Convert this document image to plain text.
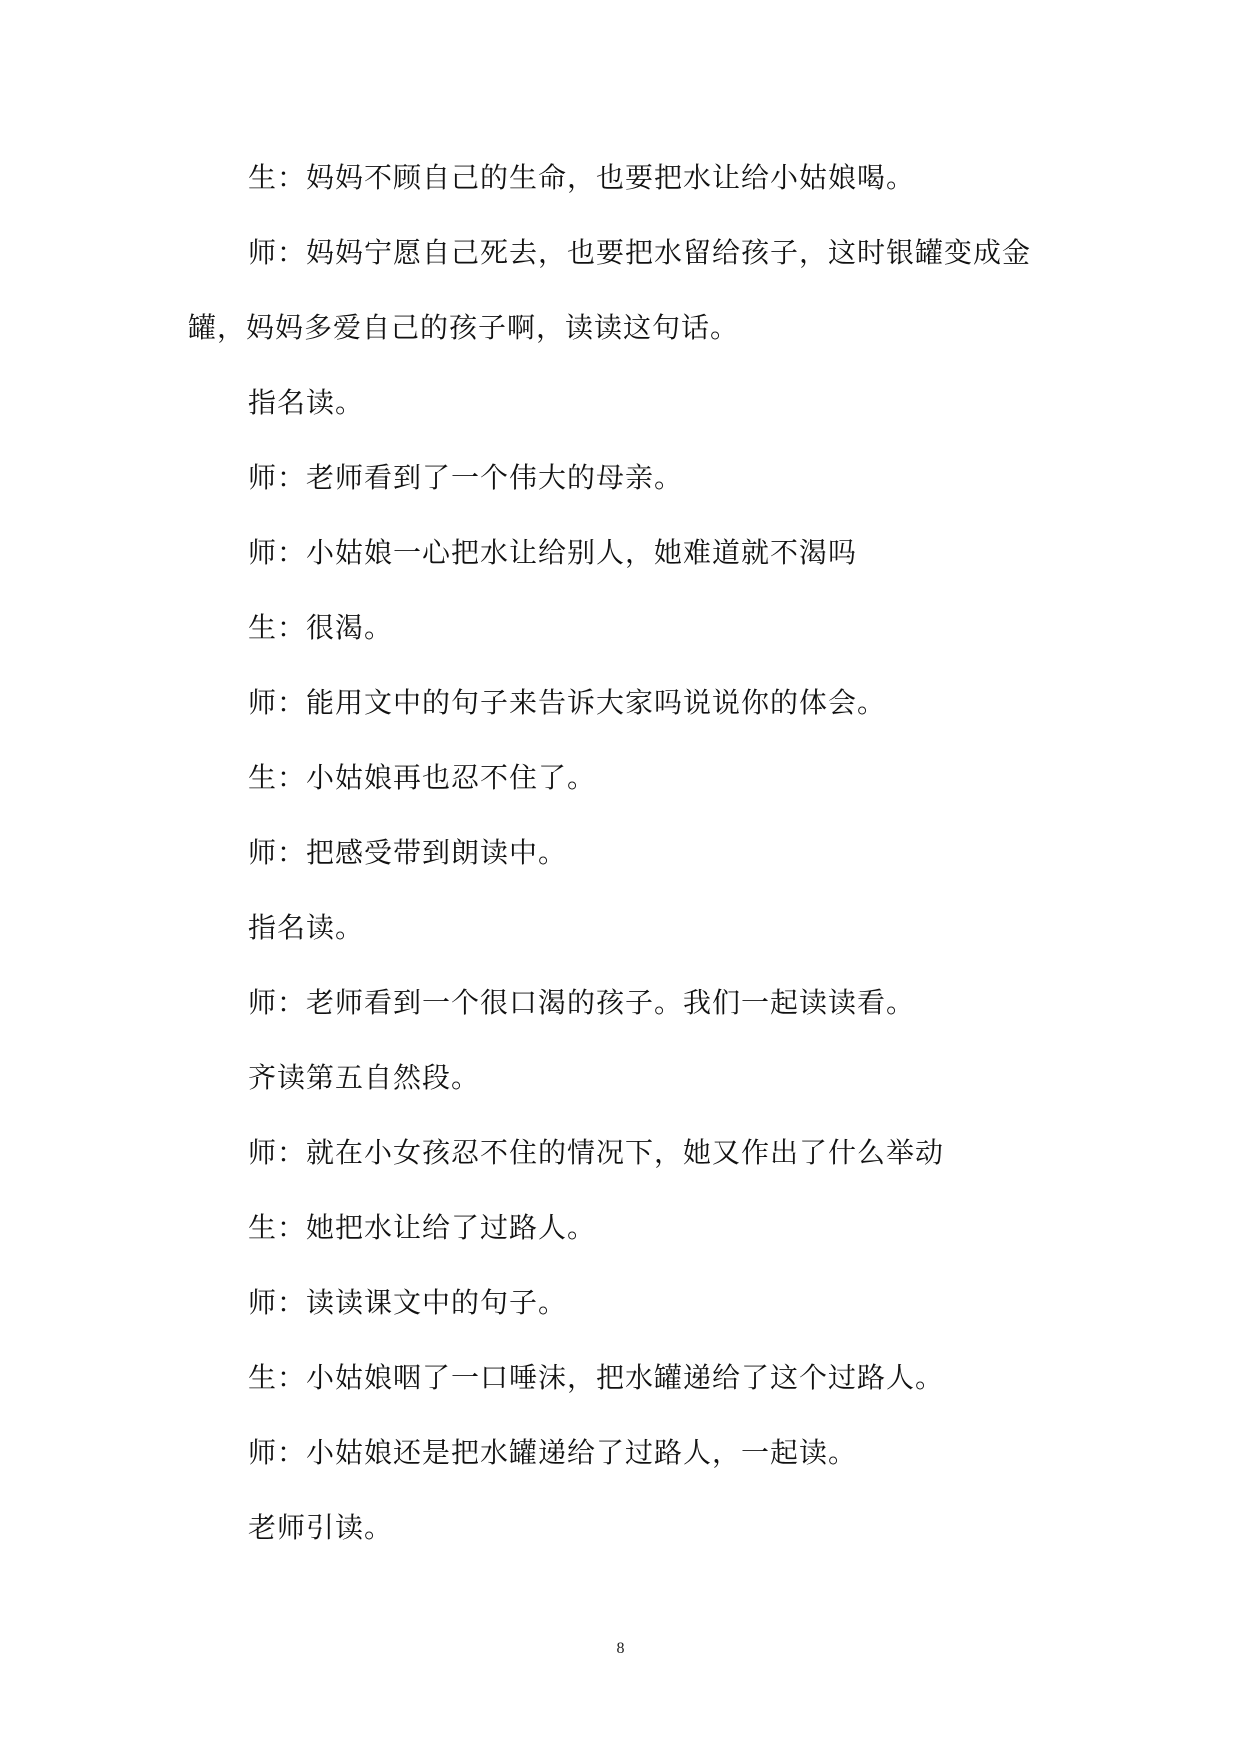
生：妈妈不顾自己的生命，也要把水让给小姑娘喝。

师：妈妈宁愿自己死去，也要把水留给孩子，这时银罐变成金罐，妈妈多爱自己的孩子啊，读读这句话。

指名读。

师：老师看到了一个伟大的母亲。

师：小姑娘一心把水让给别人，她难道就不渴吗

生：很渴。

师：能用文中的句子来告诉大家吗说说你的体会。

生：小姑娘再也忍不住了。

师：把感受带到朗读中。

指名读。

师：老师看到一个很口渴的孩子。我们一起读读看。

齐读第五自然段。

师：就在小女孩忍不住的情况下，她又作出了什么举动

生：她把水让给了过路人。

师：读读课文中的句子。

生：小姑娘咽了一口唾沫，把水罐递给了这个过路人。

师：小姑娘还是把水罐递给了过路人，一起读。

老师引读。

8
